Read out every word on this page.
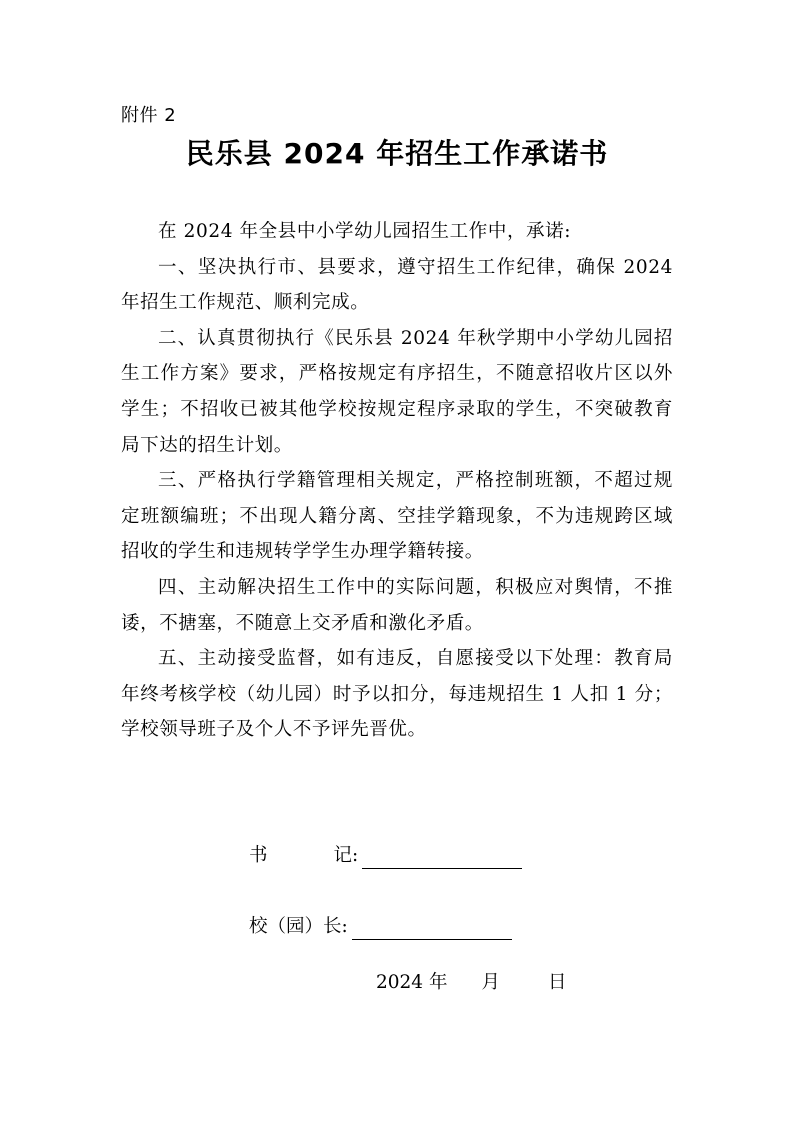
附件 2
民乐县 2024 年招生工作承诺书

在 2024 年全县中小学幼儿园招生工作中，承诺:

一、坚决执行市、县要求，遵守招生工作纪律，确保 2024 年招生工作规范、顺利完成。

二、认真贯彻执行《民乐县 2024 年秋学期中小学幼儿园招生工作方案》要求，严格按规定有序招生，不随意招收片区以外学生；不招收已被其他学校按规定程序录取的学生，不突破教育局下达的招生计划。

三、严格执行学籍管理相关规定，严格控制班额，不超过规定班额编班；不出现人籍分离、空挂学籍现象，不为违规跨区域招收的学生和违规转学学生办理学籍转接。

四、主动解决招生工作中的实际问题，积极应对舆情，不推诿，不搪塞，不随意上交矛盾和激化矛盾。

五、主动接受监督，如有违反，自愿接受以下处理：教育局年终考核学校（幼儿园）时予以扣分，每违规招生 1 人扣 1 分；学校领导班子及个人不予评先晋优。

书	记:
校（园）长:
2024 年 月	日
